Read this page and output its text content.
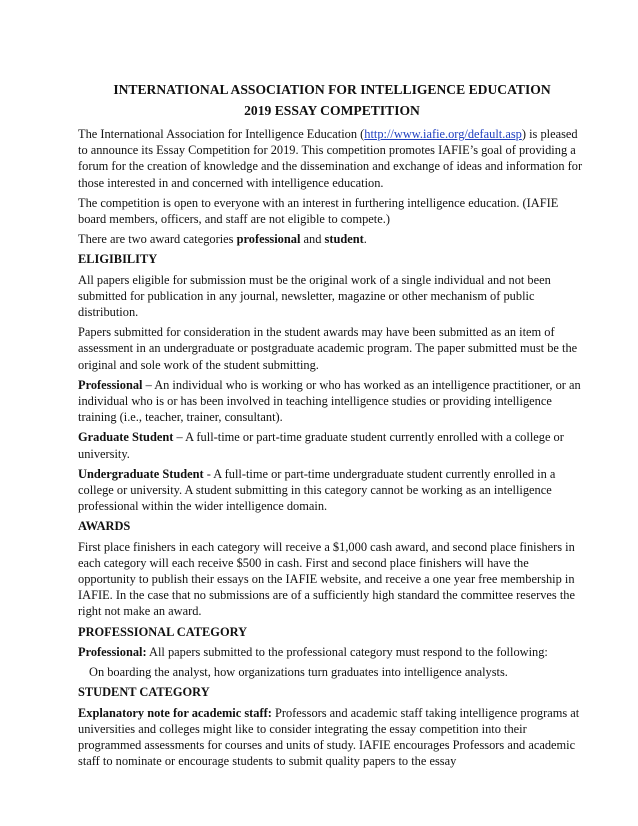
INTERNATIONAL ASSOCIATION FOR INTELLIGENCE EDUCATION
2019 ESSAY COMPETITION

The International Association for Intelligence Education (http://www.iafie.org/default.asp) is pleased to announce its Essay Competition for 2019. This competition promotes IAFIE’s goal of providing a forum for the creation of knowledge and the dissemination and exchange of ideas and information for those interested in and concerned with intelligence education.

The competition is open to everyone with an interest in furthering intelligence education. (IAFIE board members, officers, and staff are not eligible to compete.)

There are two award categories professional and student.

ELIGIBILITY

All papers eligible for submission must be the original work of a single individual and not been submitted for publication in any journal, newsletter, magazine or other mechanism of public distribution.

Papers submitted for consideration in the student awards may have been submitted as an item of assessment in an undergraduate or postgraduate academic program. The paper submitted must be the original and sole work of the student submitting.

Professional – An individual who is working or who has worked as an intelligence practitioner, or an individual who is or has been involved in teaching intelligence studies or providing intelligence training (i.e., teacher, trainer, consultant).

Graduate Student – A full-time or part-time graduate student currently enrolled with a college or university.

Undergraduate Student - A full-time or part-time undergraduate student currently enrolled in a college or university. A student submitting in this category cannot be working as an intelligence professional within the wider intelligence domain.

AWARDS

First place finishers in each category will receive a $1,000 cash award, and second place finishers in each category will each receive $500 in cash. First and second place finishers will have the opportunity to publish their essays on the IAFIE website, and receive a one year free membership in IAFIE. In the case that no submissions are of a sufficiently high standard the committee reserves the right not make an award.

PROFESSIONAL CATEGORY

Professional: All papers submitted to the professional category must respond to the following:

On boarding the analyst, how organizations turn graduates into intelligence analysts.

STUDENT CATEGORY

Explanatory note for academic staff: Professors and academic staff taking intelligence programs at universities and colleges might like to consider integrating the essay competition into their programmed assessments for courses and units of study. IAFIE encourages Professors and academic staff to nominate or encourage students to submit quality papers to the essay
